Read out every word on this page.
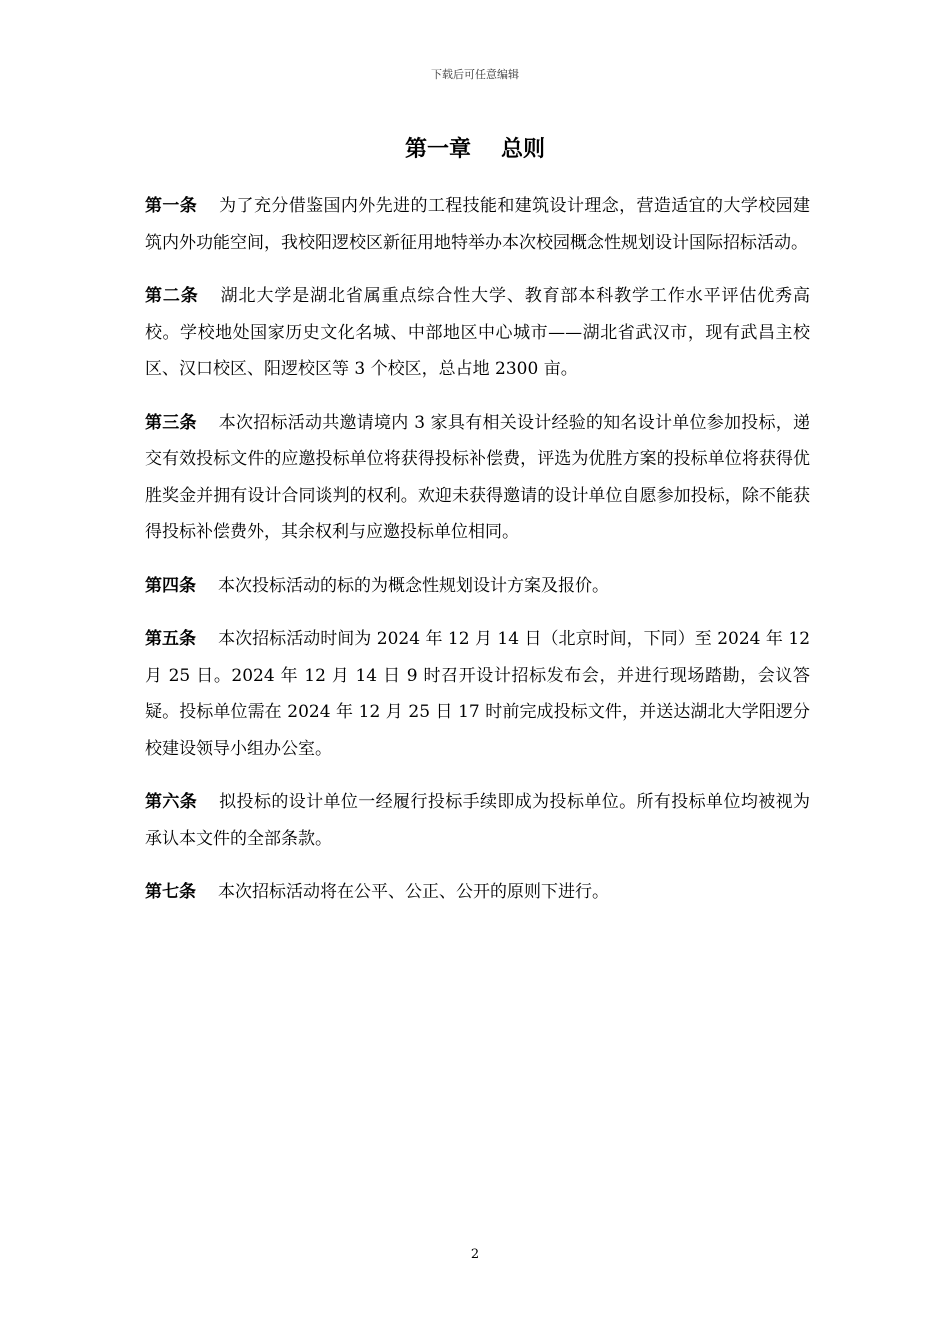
下载后可任意编辑
第一章 总则

第一条 为了充分借鉴国内外先进的工程技能和建筑设计理念，营造适宜的大学校园建筑内外功能空间，我校阳逻校区新征用地特举办本次校园概念性规划设计国际招标活动。

第二条 湖北大学是湖北省属重点综合性大学、教育部本科教学工作水平评估优秀高校。学校地处国家历史文化名城、中部地区中心城市——湖北省武汉市，现有武昌主校区、汉口校区、阳逻校区等 3 个校区，总占地 2300 亩。

第三条 本次招标活动共邀请境内 3 家具有相关设计经验的知名设计单位参加投标，递交有效投标文件的应邀投标单位将获得投标补偿费，评选为优胜方案的投标单位将获得优胜奖金并拥有设计合同谈判的权利。欢迎未获得邀请的设计单位自愿参加投标，除不能获得投标补偿费外，其余权利与应邀投标单位相同。

第四条 本次投标活动的标的为概念性规划设计方案及报价。

第五条 本次招标活动时间为 2024 年 12 月 14 日（北京时间，下同）至 2024 年 12 月 25 日。2024 年 12 月 14 日 9 时召开设计招标发布会，并进行现场踏勘，会议答疑。投标单位需在 2024 年 12 月 25 日 17 时前完成投标文件，并送达湖北大学阳逻分校建设领导小组办公室。

第六条 拟投标的设计单位一经履行投标手续即成为投标单位。所有投标单位均被视为承认本文件的全部条款。

第七条 本次招标活动将在公平、公正、公开的原则下进行。

2
